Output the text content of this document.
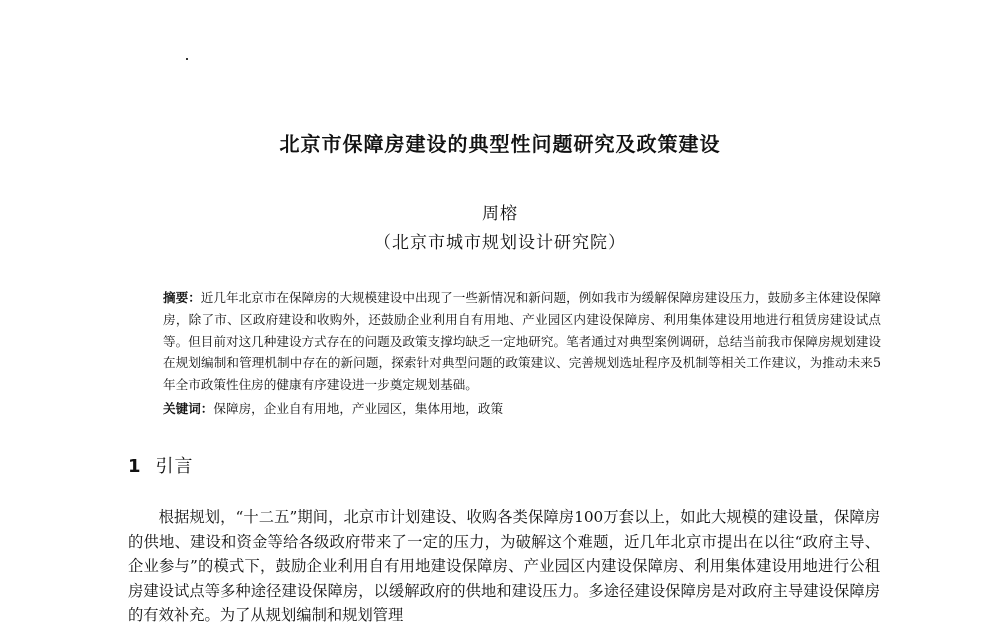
北京市保障房建设的典型性问题研究及政策建设
周榕
（北京市城市规划设计研究院）

摘要：近几年北京市在保障房的大规模建设中出现了一些新情况和新问题，例如我市为缓解保障房建设压力，鼓励多主体建设保障房，除了市、区政府建设和收购外，还鼓励企业利用自有用地、产业园区内建设保障房、利用集体建设用地进行租赁房建设试点等。但目前对这几种建设方式存在的问题及政策支撑均缺乏一定地研究。笔者通过对典型案例调研，总结当前我市保障房规划建设在规划编制和管理机制中存在的新问题，探索针对典型问题的政策建议、完善规划选址程序及机制等相关工作建议，为推动未来5年全市政策性住房的健康有序建设进一步奠定规划基础。

关键词：保障房，企业自有用地，产业园区，集体用地，政策

1 引言

根据规划，“十二五”期间，北京市计划建设、收购各类保障房100万套以上，如此大规模的建设量，保障房的供地、建设和资金等给各级政府带来了一定的压力，为破解这个难题，近几年北京市提出在以往“政府主导、企业参与”的模式下，鼓励企业利用自有用地建设保障房、产业园区内建设保障房、利用集体建设用地进行公租房建设试点等多种途径建设保障房，以缓解政府的供地和建设压力。多途径建设保障房是对政府主导建设保障房的有效补充。为了从规划编制和规划管理
